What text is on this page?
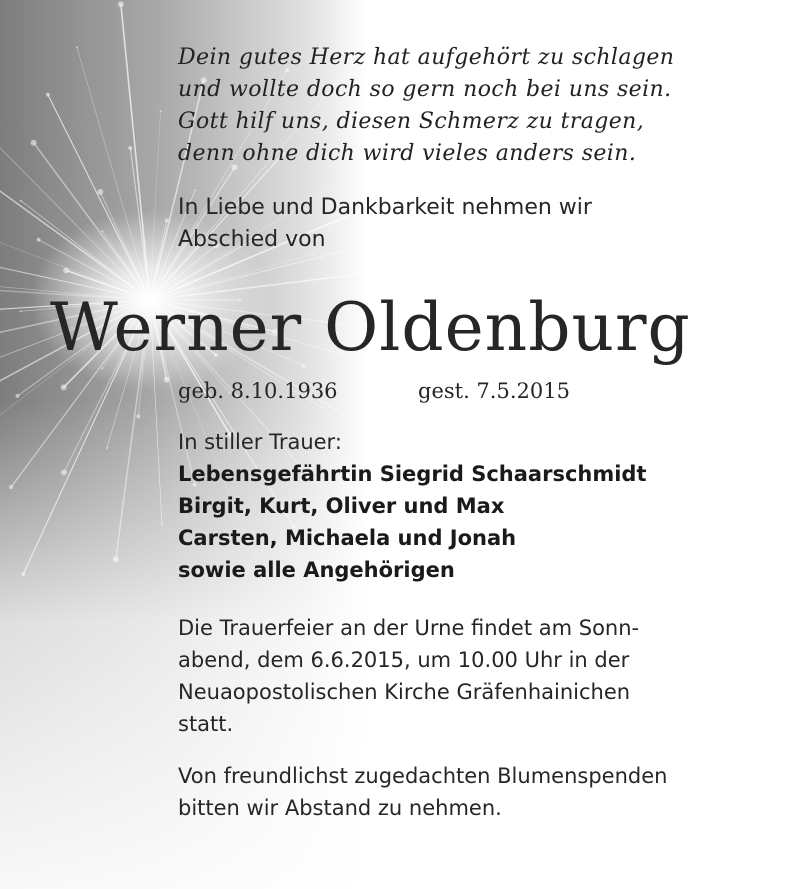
Dein gutes Herz hat aufgehört zu schlagen
und wollte doch so gern noch bei uns sein.
Gott hilf uns, diesen Schmerz zu tragen,
denn ohne dich wird vieles anders sein.
In Liebe und Dankbarkeit nehmen wir
Abschied von
Werner Oldenburg
geb. 8.10.1936	gest. 7.5.2015
In stiller Trauer:
Lebensgefährtin Siegrid Schaarschmidt
Birgit, Kurt, Oliver und Max
Carsten, Michaela und Jonah
sowie alle Angehörigen
Die Trauerfeier an der Urne findet am Sonn-
abend, dem 6.6.2015, um 10.00 Uhr in der
Neuaopostolischen Kirche Gräfenhainichen
statt.
Von freundlichst zugedachten Blumenspenden
bitten wir Abstand zu nehmen.
